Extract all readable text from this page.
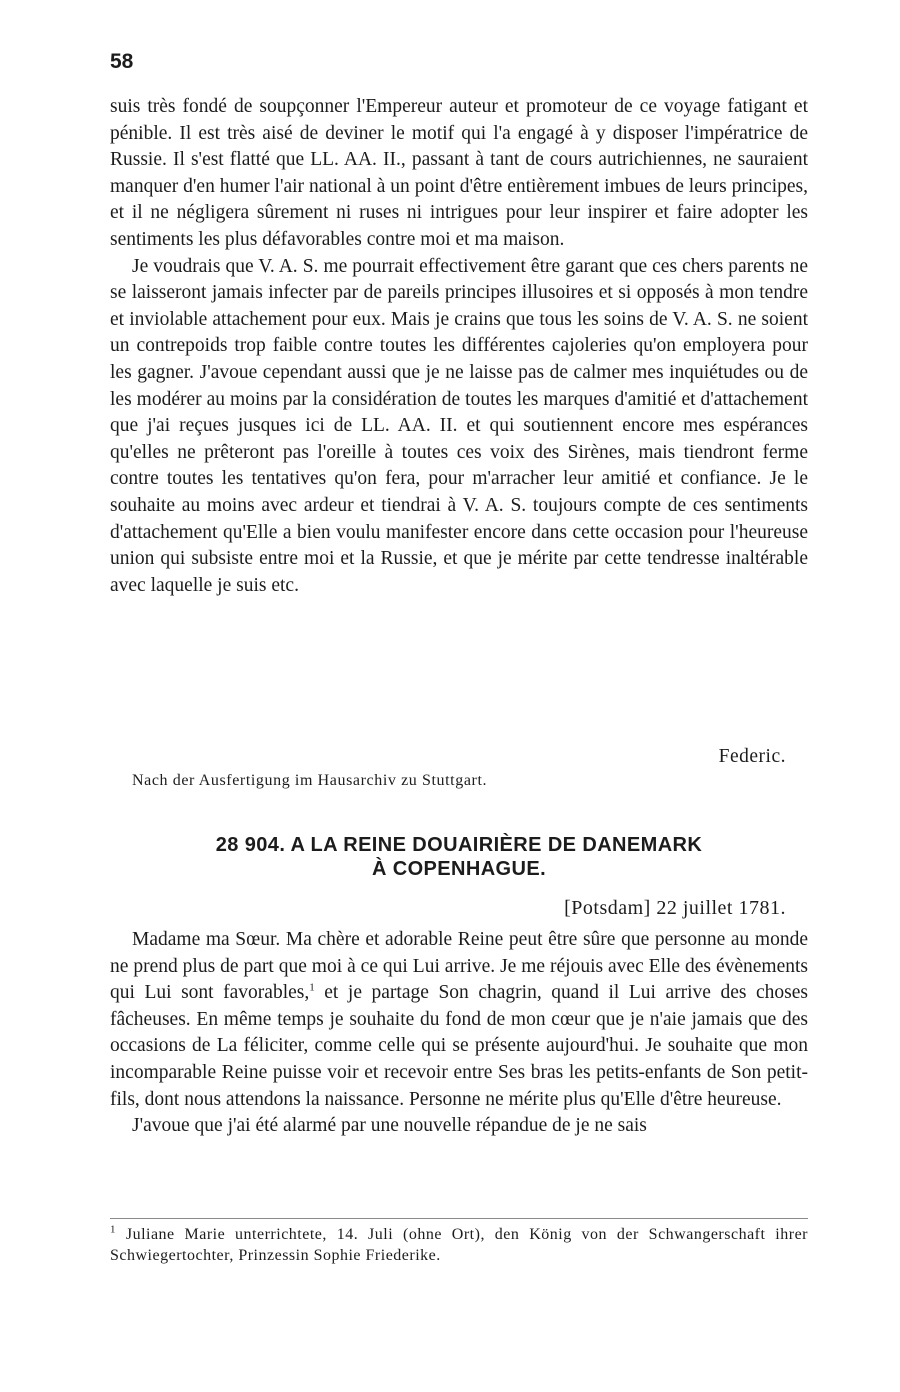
58

suis très fondé de soupçonner l'Empereur auteur et promoteur de ce voyage fatigant et pénible. Il est très aisé de deviner le motif qui l'a engagé à y disposer l'impératrice de Russie. Il s'est flatté que LL. AA. II., passant à tant de cours autrichiennes, ne sauraient manquer d'en humer l'air national à un point d'être entièrement imbues de leurs principes, et il ne négligera sûrement ni ruses ni intrigues pour leur inspirer et faire adopter les sentiments les plus défavorables contre moi et ma maison.

Je voudrais que V. A. S. me pourrait effectivement être garant que ces chers parents ne se laisseront jamais infecter par de pareils principes illusoires et si opposés à mon tendre et inviolable attachement pour eux. Mais je crains que tous les soins de V. A. S. ne soient un contrepoids trop faible contre toutes les différentes cajoleries qu'on employera pour les gagner. J'avoue cependant aussi que je ne laisse pas de calmer mes inquiétudes ou de les modérer au moins par la considération de toutes les marques d'amitié et d'attachement que j'ai reçues jusques ici de LL. AA. II. et qui soutiennent encore mes espérances qu'elles ne prêteront pas l'oreille à toutes ces voix des Sirènes, mais tiendront ferme contre toutes les tentatives qu'on fera, pour m'arracher leur amitié et confiance. Je le souhaite au moins avec ardeur et tiendrai à V. A. S. toujours compte de ces sentiments d'attachement qu'Elle a bien voulu manifester encore dans cette occasion pour l'heureuse union qui subsiste entre moi et la Russie, et que je mérite par cette tendresse inaltérable avec laquelle je suis etc.

Federic.

Nach der Ausfertigung im Hausarchiv zu Stuttgart.

28 904. A LA REINE DOUAIRIÈRE DE DANEMARK
À COPENHAGUE.

[Potsdam] 22 juillet 1781.

Madame ma Sœur. Ma chère et adorable Reine peut être sûre que personne au monde ne prend plus de part que moi à ce qui Lui arrive. Je me réjouis avec Elle des évènements qui Lui sont favorables,$^1$ et je partage Son chagrin, quand il Lui arrive des choses fâcheuses. En même temps je souhaite du fond de mon cœur que je n'aie jamais que des occasions de La féliciter, comme celle qui se présente aujourd'hui. Je souhaite que mon incomparable Reine puisse voir et recevoir entre Ses bras les petits-enfants de Son petit-fils, dont nous attendons la naissance. Personne ne mérite plus qu'Elle d'être heureuse.

J'avoue que j'ai été alarmé par une nouvelle répandue de je ne sais

$^1$ Juliane Marie unterrichtete, 14. Juli (ohne Ort), den König von der Schwangerschaft ihrer Schwiegertochter, Prinzessin Sophie Friederike.
